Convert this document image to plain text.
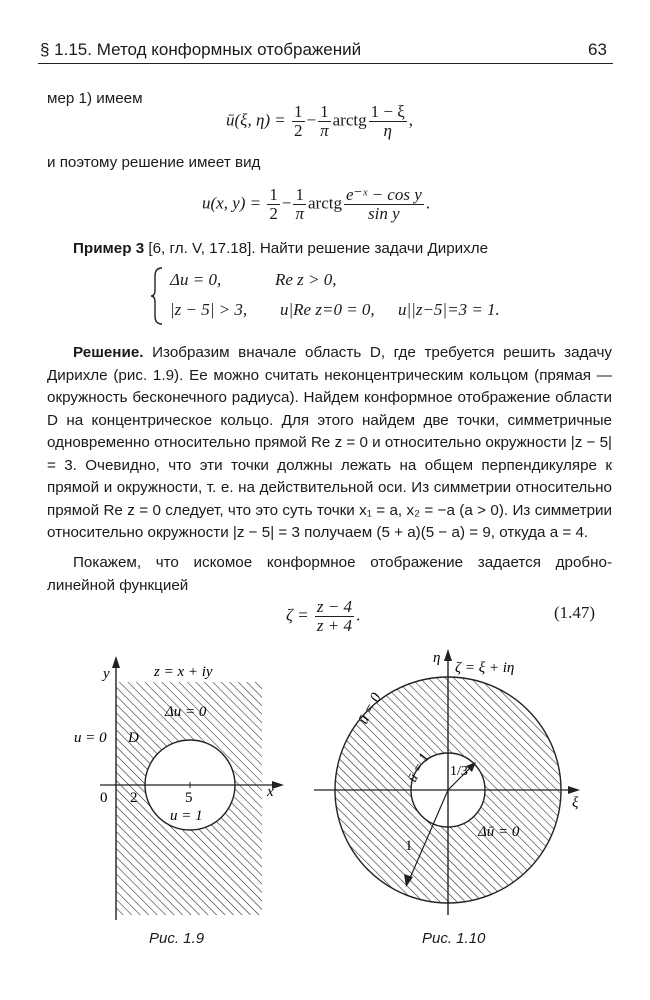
§ 1.15. Метод конформных отображений	63
мер 1) имеем
ū(ξ, $\eta) = \frac{1}{2} - \frac{1}{\pi}$ arctg $\frac{1 - \xi}{\eta}$ ,
и поэтому решение имеет вид
u(x, $y) = \frac{1}{2} - \frac{1}{\pi}$ arctg $\frac{\text{e⁻ˣ − cos y}}{\text{sin y}}$ .
Пример 3 [6, гл. V, 17.18]. Найти решение задачи Дирихле
Δu = 0,	Re z > 0,
|z − 5| > 3, u|Re z=0 = 0, u||z−5|=3 = 1.
Решение. Изобразим вначале область D, где требуется решить задачу Дирихле (рис. 1.9). Ее можно считать неконцентрическим кольцом (прямая — окружность бесконечного радиуса). Найдем конформное отображение области D на концентрическое кольцо. Для этого найдем две точки, симметричные одновременно относительно прямой Re z = 0 и относительно окружности |z − 5| = 3. Очевидно, что эти точки должны лежать на общем перпендикуляре к прямой и окружности, т. е. на действительной оси. Из симметрии относительно прямой Re z = 0 следует, что это суть точки x₁ = a, x₂ = −a (a > 0). Из симметрии относительно окружности |z − 5| = 3 получаем (5 + a)(5 − a) = 9, откуда a = 4.
Покажем, что искомое конформное отображение задается дробно-линейной функцией
$\zeta = \frac{z - 4}{z + 4}$ .	(1.47)
y
x
z = x + iy
Δu = 0
u = 0 D
0 2	5
u = 1
Рис. 1.9
η
ξ
ζ = ξ + iη
ū = 0
ū = 1 1/3
1
Δū = 0
Рис. 1.10
